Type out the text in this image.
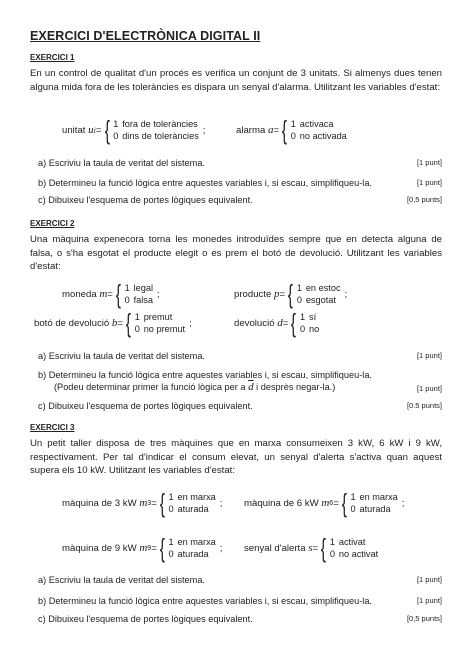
EXERCICI D'ELECTRÒNICA DIGITAL II
EXERCICI 1
En un control de qualitat d'un procés es verifica un conjunt de 3 unitats. Si almenys dues tenen alguna mida fora de les toleràncies es dispara un senyal d'alarma. Utilitzant les variables d'estat:
unitat
u i = { 1 fora de toleràncies
0 dins de toleràncies
;	alarma
a = { 1 activaca
0 no activada
a) Escriviu la taula de veritat del sistema.	[1 punt]
b) Determineu la funció lògica entre aquestes variables i, si escau, simplifiqueu-la.	[1 punt]
c) Dibuixeu l'esquema de portes lògiques equivalent.	[0,5 punts]
EXERCICI 2
Una màquina expenecora torna les monedes introduïdes sempre que en detecta alguna de falsa, o s'ha esgotat el producte elegit o es prem el botó de devolució. Utilitzant les variables d'estat:
moneda
m = { 1 legal
0 falsa
;	producte
p = { 1 en estoc
0 esgotat
;
botó de devolució
b = { 1 premut
0 no premut
;	devolució
d = { 1 sí
0 no
a) Escriviu la taula de veritat del sistema.	[1 punt]
b) Determineu la funció lògica entre aquestes variables i, si escau, simplifiqueu-la.
(Podeu determinar primer la funció lògica per a $\overline{d}$ i desprès negar-la.)	[1 punt]
c) Dibuixeu l'esquema de portes lògiques equivalent.	[0.5 punts]
EXERCICI 3
Un petit taller disposa de tres màquines que en marxa consumeixen 3 kW, 6 kW i 9 kW, respectivament. Per tal d'indicar el consum elevat, un senyal d'alerta s'activa quan aquest supera els 10 kW. Utilitzant les variables d'estat:
màquina de 3 kW
m 3 = { 1 en marxa
0 aturada
; màquina de 6 kW
m 6 = { 1 en marxa
0 aturada
;
màquina de 9 kW
m 9 = { 1 en marxa
0 aturada
; senyal d'alerta
s = { 1 activat
0 no activat
a) Escriviu la taula de veritat del sistema.	[1 punt]
b) Determineu la funció lògica entre aquestes variables i, si escau, simplifiqueu-la.	[1 punt]
c) Dibuixeu l'esquema de portes lògiques equivalent.	[0,5 punts]
